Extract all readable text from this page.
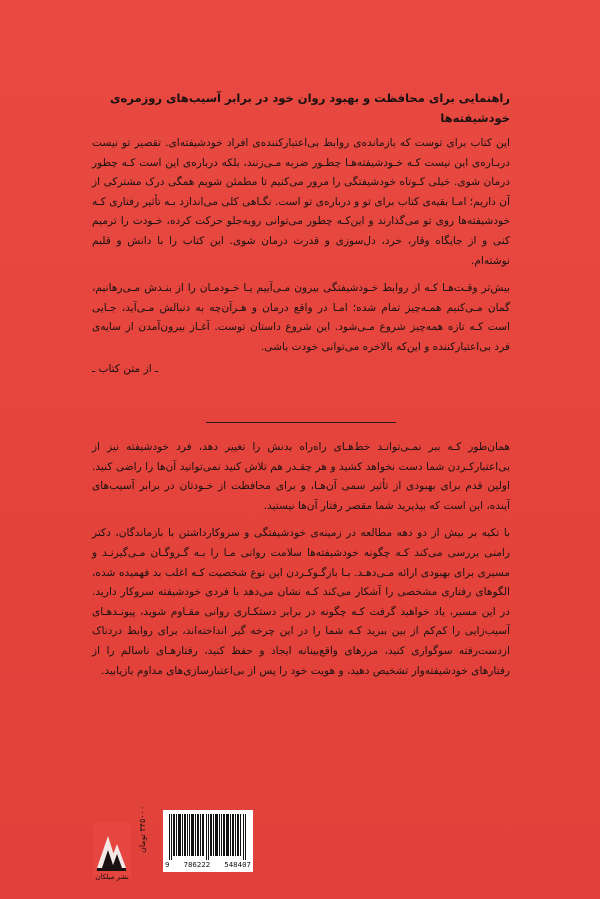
راهنمایی برای محافظت و بهبود روان خود در برابر آسیب‌های روزمره‌ی خودشیفته‌ها

این کتاب برای توست که بازمانده‌ی روابط بی‌اعتبارکننده‌ی افراد خودشیفته‌ای. تقصیر تو نیست دربـاره‌ی این نیست کـه خـودشیفته‌هـا چطـور ضربه مـی‌زنند، بلکه درباره‌ی این است کـه چطور درمان شوی. خیلی کـوتاه خودشیفتگی را مرور می‌کنیم تا مطمئن شویم همگی درک مشترکی از آن داریم؛ امـا بقیه‌ی کتاب برای تو و درباره‌ی تو است. نگـاهی کلی می‌اندازد بـه تأثیر رفتاری کـه خودشیفته‌ها روی تو می‌گذارند و این‌کـه چطور می‌توانی روبه‌جلو حرکت کرده، خـودت را ترمیم کنی و از جایگاه وقار، خرد، دل‌سوزی و قدرت درمان شوی. این کتاب را با دانش و قلبم نوشته‌ام.

بیش‌تر وقـت‌هـا کـه از روابط خـودشیفتگی بیرون مـی‌آییم یـا خـودمـان را از بنـدش مـی‌رهانیم، گمان مـی‌کنیم همـه‌چیز تمام شده؛ امـا در واقع درمان و هـرآن‌چه به دنبالش مـی‌آید، جـایی است کـه تازه همه‌چیز شروع مـی‌شود. این شروع داستان توست. آغـاز بیرون‌آمدن از سایه‌ی فرد بی‌اعتبارکننده و این‌که بالاخره می‌توانی خودت باشی.

ـ از متن کتاب ـ

همان‌طور کـه ببر نمـی‌توانـد خط‌هـای راه‌راه بدنش را تغییر دهد، فرد خودشیفته نیز از بی‌اعتبارکـردن شما دست نخواهد کشید و هر چقـدر هم تلاش کنید نمی‌توانید آن‌ها را راضی کنید. اولین قدم برای بهبودی از تأثیر سمی آن‌هـا، و برای محافظت از خـودتان در برابر آسیب‌های آینده، این است که بپذیرید شما مقصر رفتار آن‌ها نیستید.

با تکیه بر بیش از دو دهه مطالعه در زمینه‌ی خودشیفتگی و سروکارداشتن با بازماندگان، دکتر رامنی بررسی می‌کند کـه چگونه خودشیفته‌ها سلامت روانی مـا را بـه گـروگـان مـی‌گیرنـد و مسیری برای بهبودی ارائه مـی‌دهـد. بـا بازگـوکـردن این نوع شخصیت کـه اغلب بد فهمیده شده، الگوهای رفتاری مشخصی را آشکار می‌کند کـه نشان می‌دهد با فردی خودشیفته سروکار دارید. در این مسیر، یاد خواهید گرفت کـه چگونه در برابر دستکـاری روانی مقـاوم شوید، پیونـدهـای آسیب‌زایی را کم‌کم از بین ببرید کـه شما را در این چرخه گیر انداخته‌اند، برای روابط دردناک ازدست‌رفته سوگواری کنید، مرزهای واقع‌بینانه ایجاد و حفظ کنید، رفتارهـای ناسالم را از رفتارهای خودشیفته‌وار تشخیص دهید، و هویت خود را پس از بی‌اعتبارسازی‌های مداوم بازیابید.

نشر میلکان
۳۴۵۰۰۰ تومان
9 786222 548407
